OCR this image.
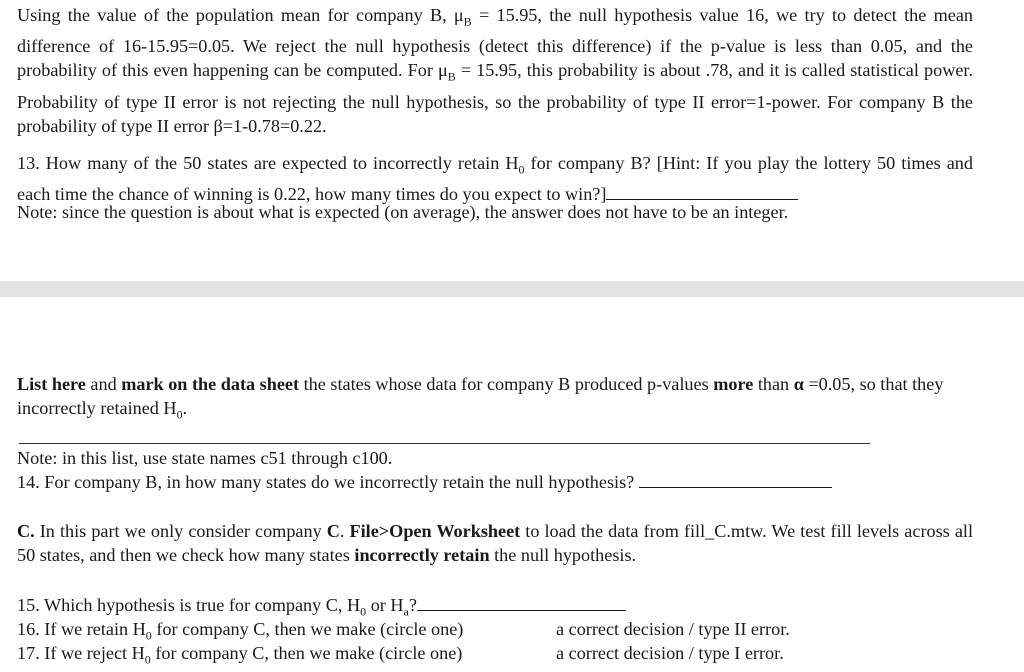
Using the value of the population mean for company B, $\mu_B = 15.95$, the null hypothesis value 16, we try to detect the mean difference of 16-15.95=0.05. We reject the null hypothesis (detect this difference) if the p-value is less than 0.05, and the probability of this even happening can be computed. For $\mu_B = 15.95$, this probability is about .78, and it is called statistical power. Probability of type II error is not rejecting the null hypothesis, so the probability of type II error=1-power. For company B the probability of type II error β=1-0.78=0.22.

13. How many of the 50 states are expected to incorrectly retain $H_0$ for company B? [Hint: If you play the lottery 50 times and each time the chance of winning is 0.22, how many times do you expect to win?]

Note: since the question is about what is expected (on average), the answer does not have to be an integer.

List here and mark on the data sheet the states whose data for company B produced p-values more than α =0.05, so that they incorrectly retained $H_0$.

Note: in this list, use state names c51 through c100.
14. For company B, in how many states do we incorrectly retain the null hypothesis?

C. In this part we only consider company C. File>Open Worksheet to load the data from fill_C.mtw. We test fill levels across all 50 states, and then we check how many states incorrectly retain the null hypothesis.

15. Which hypothesis is true for company C, $H_0$ or $H_a$?
16. If we retain $H_0$ for company C, then we make (circle one)	a correct decision / type II error.
17. If we reject $H_0$ for company C, then we make (circle one)	a correct decision / type I error.
